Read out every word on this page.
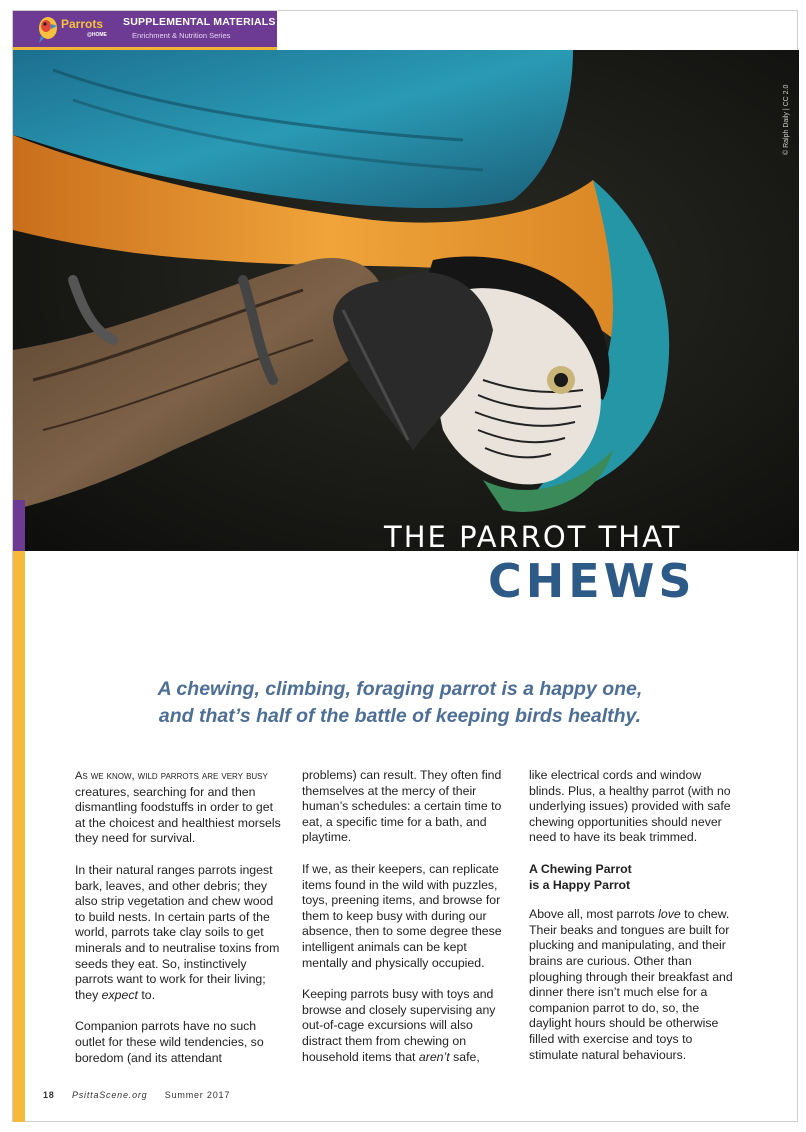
Parrots
@HOME
SUPPLEMENTAL MATERIALS
Enrichment & Nutrition Series
© Ralph Daily | CC 2.0
THE PARROT THAT
CHEWS
A chewing, climbing, foraging parrot is a happy one,
and that’s half of the battle of keeping birds healthy.

As we know, wild parrots are very busy creatures, searching for and then dismantling foodstuffs in order to get at the choicest and healthiest morsels they need for survival.

In their natural ranges parrots ingest bark, leaves, and other debris; they also strip vegetation and chew wood to build nests. In certain parts of the world, parrots take clay soils to get minerals and to neutralise toxins from seeds they eat. So, instinctively parrots want to work for their living; they expect to.

Companion parrots have no such outlet for these wild tendencies, so boredom (and its attendant

problems) can result. They often find themselves at the mercy of their human’s schedules: a certain time to eat, a specific time for a bath, and playtime.

If we, as their keepers, can replicate items found in the wild with puzzles, toys, preening items, and browse for them to keep busy with during our absence, then to some degree these intelligent animals can be kept mentally and physically occupied.

Keeping parrots busy with toys and browse and closely supervising any out-of-cage excursions will also distract them from chewing on household items that aren’t safe,

like electrical cords and window blinds. Plus, a healthy parrot (with no underlying issues) provided with safe chewing opportunities should never need to have its beak trimmed.

A Chewing Parrot
is a Happy Parrot

Above all, most parrots love to chew. Their beaks and tongues are built for plucking and manipulating, and their brains are curious. Other than ploughing through their breakfast and dinner there isn’t much else for a companion parrot to do, so, the daylight hours should be otherwise filled with exercise and toys to stimulate natural behaviours.

18 PsittaScene.org Summer 2017
